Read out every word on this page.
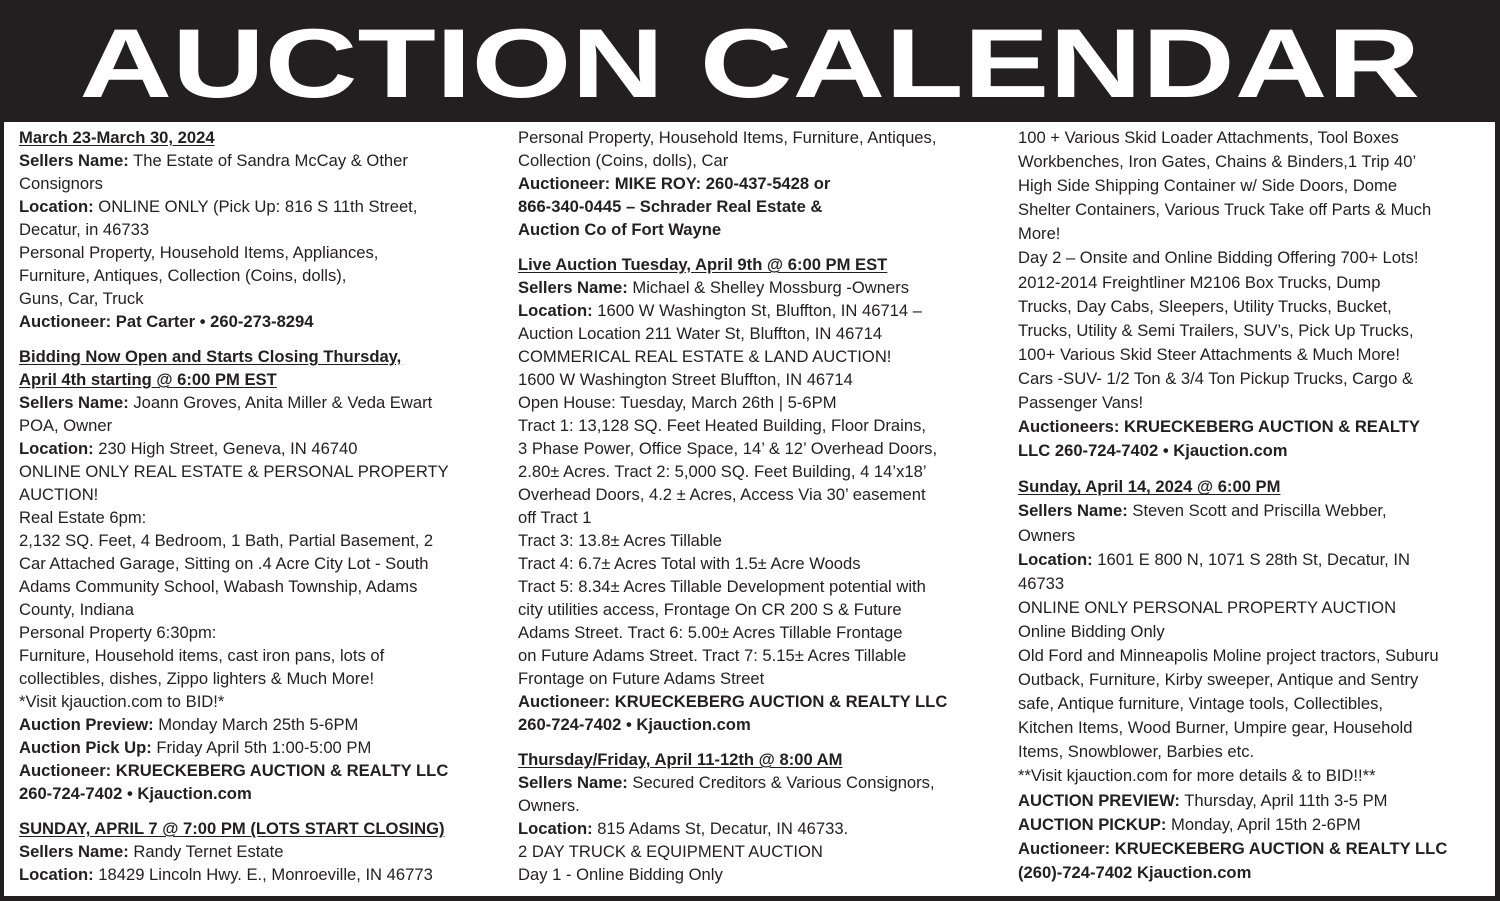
AUCTION CALENDAR
March 23-March 30, 2024
Sellers Name: The Estate of Sandra McCay & Other
Consignors
Location: ONLINE ONLY (Pick Up: 816 S 11th Street,
Decatur, in 46733
Personal Property, Household Items, Appliances,
Furniture, Antiques, Collection (Coins, dolls),
Guns, Car, Truck
Auctioneer: Pat Carter • 260-273-8294
Bidding Now Open and Starts Closing Thursday,
April 4th starting @ 6:00 PM EST
Sellers Name: Joann Groves, Anita Miller & Veda Ewart
POA, Owner
Location: 230 High Street, Geneva, IN 46740
ONLINE ONLY REAL ESTATE & PERSONAL PROPERTY
AUCTION!
Real Estate 6pm:
2,132 SQ. Feet, 4 Bedroom, 1 Bath, Partial Basement, 2
Car Attached Garage, Sitting on .4 Acre City Lot - South
Adams Community School, Wabash Township, Adams
County, Indiana
Personal Property 6:30pm:
Furniture, Household items, cast iron pans, lots of
collectibles, dishes, Zippo lighters & Much More!
*Visit kjauction.com to BID!*
Auction Preview: Monday March 25th 5-6PM
Auction Pick Up: Friday April 5th 1:00-5:00 PM
Auctioneer: KRUECKEBERG AUCTION & REALTY LLC
260-724-7402 • Kjauction.com
SUNDAY, APRIL 7 @ 7:00 PM (LOTS START CLOSING)
Sellers Name: Randy Ternet Estate
Location: 18429 Lincoln Hwy. E., Monroeville, IN 46773
Personal Property, Household Items, Furniture, Antiques,
Collection (Coins, dolls), Car
Auctioneer: MIKE ROY: 260-437-5428 or
866-340-0445 – Schrader Real Estate &
Auction Co of Fort Wayne
Live Auction Tuesday, April 9th @ 6:00 PM EST
Sellers Name: Michael & Shelley Mossburg -Owners
Location: 1600 W Washington St, Bluffton, IN 46714 –
Auction Location 211 Water St, Bluffton, IN 46714
COMMERICAL REAL ESTATE & LAND AUCTION!
1600 W Washington Street Bluffton, IN 46714
Open House: Tuesday, March 26th | 5-6PM
Tract 1: 13,128 SQ. Feet Heated Building, Floor Drains,
3 Phase Power, Office Space, 14’ & 12’ Overhead Doors,
2.80± Acres. Tract 2: 5,000 SQ. Feet Building, 4 14’x18’
Overhead Doors, 4.2 ± Acres, Access Via 30’ easement
off Tract 1
Tract 3: 13.8± Acres Tillable
Tract 4: 6.7± Acres Total with 1.5± Acre Woods
Tract 5: 8.34± Acres Tillable Development potential with
city utilities access, Frontage On CR 200 S & Future
Adams Street. Tract 6: 5.00± Acres Tillable Frontage
on Future Adams Street. Tract 7: 5.15± Acres Tillable
Frontage on Future Adams Street
Auctioneer: KRUECKEBERG AUCTION & REALTY LLC
260-724-7402 • Kjauction.com
Thursday/Friday, April 11-12th @ 8:00 AM
Sellers Name: Secured Creditors & Various Consignors,
Owners.
Location: 815 Adams St, Decatur, IN 46733.
2 DAY TRUCK & EQUIPMENT AUCTION
Day 1 - Online Bidding Only
100 + Various Skid Loader Attachments, Tool Boxes
Workbenches, Iron Gates, Chains & Binders,1 Trip 40’
High Side Shipping Container w/ Side Doors, Dome
Shelter Containers, Various Truck Take off Parts & Much
More!
Day 2 – Onsite and Online Bidding Offering 700+ Lots!
2012-2014 Freightliner M2106 Box Trucks, Dump
Trucks, Day Cabs, Sleepers, Utility Trucks, Bucket,
Trucks, Utility & Semi Trailers, SUV’s, Pick Up Trucks,
100+ Various Skid Steer Attachments & Much More!
Cars -SUV- 1/2 Ton & 3/4 Ton Pickup Trucks, Cargo &
Passenger Vans!
Auctioneers: KRUECKEBERG AUCTION & REALTY
LLC 260-724-7402 • Kjauction.com
Sunday, April 14, 2024 @ 6:00 PM
Sellers Name: Steven Scott and Priscilla Webber,
Owners
Location: 1601 E 800 N, 1071 S 28th St, Decatur, IN
46733
ONLINE ONLY PERSONAL PROPERTY AUCTION
Online Bidding Only
Old Ford and Minneapolis Moline project tractors, Suburu
Outback, Furniture, Kirby sweeper, Antique and Sentry
safe, Antique furniture, Vintage tools, Collectibles,
Kitchen Items, Wood Burner, Umpire gear, Household
Items, Snowblower, Barbies etc.
**Visit kjauction.com for more details & to BID!!**
AUCTION PREVIEW: Thursday, April 11th 3-5 PM
AUCTION PICKUP: Monday, April 15th 2-6PM
Auctioneer: KRUECKEBERG AUCTION & REALTY LLC
(260)-724-7402 Kjauction.com
